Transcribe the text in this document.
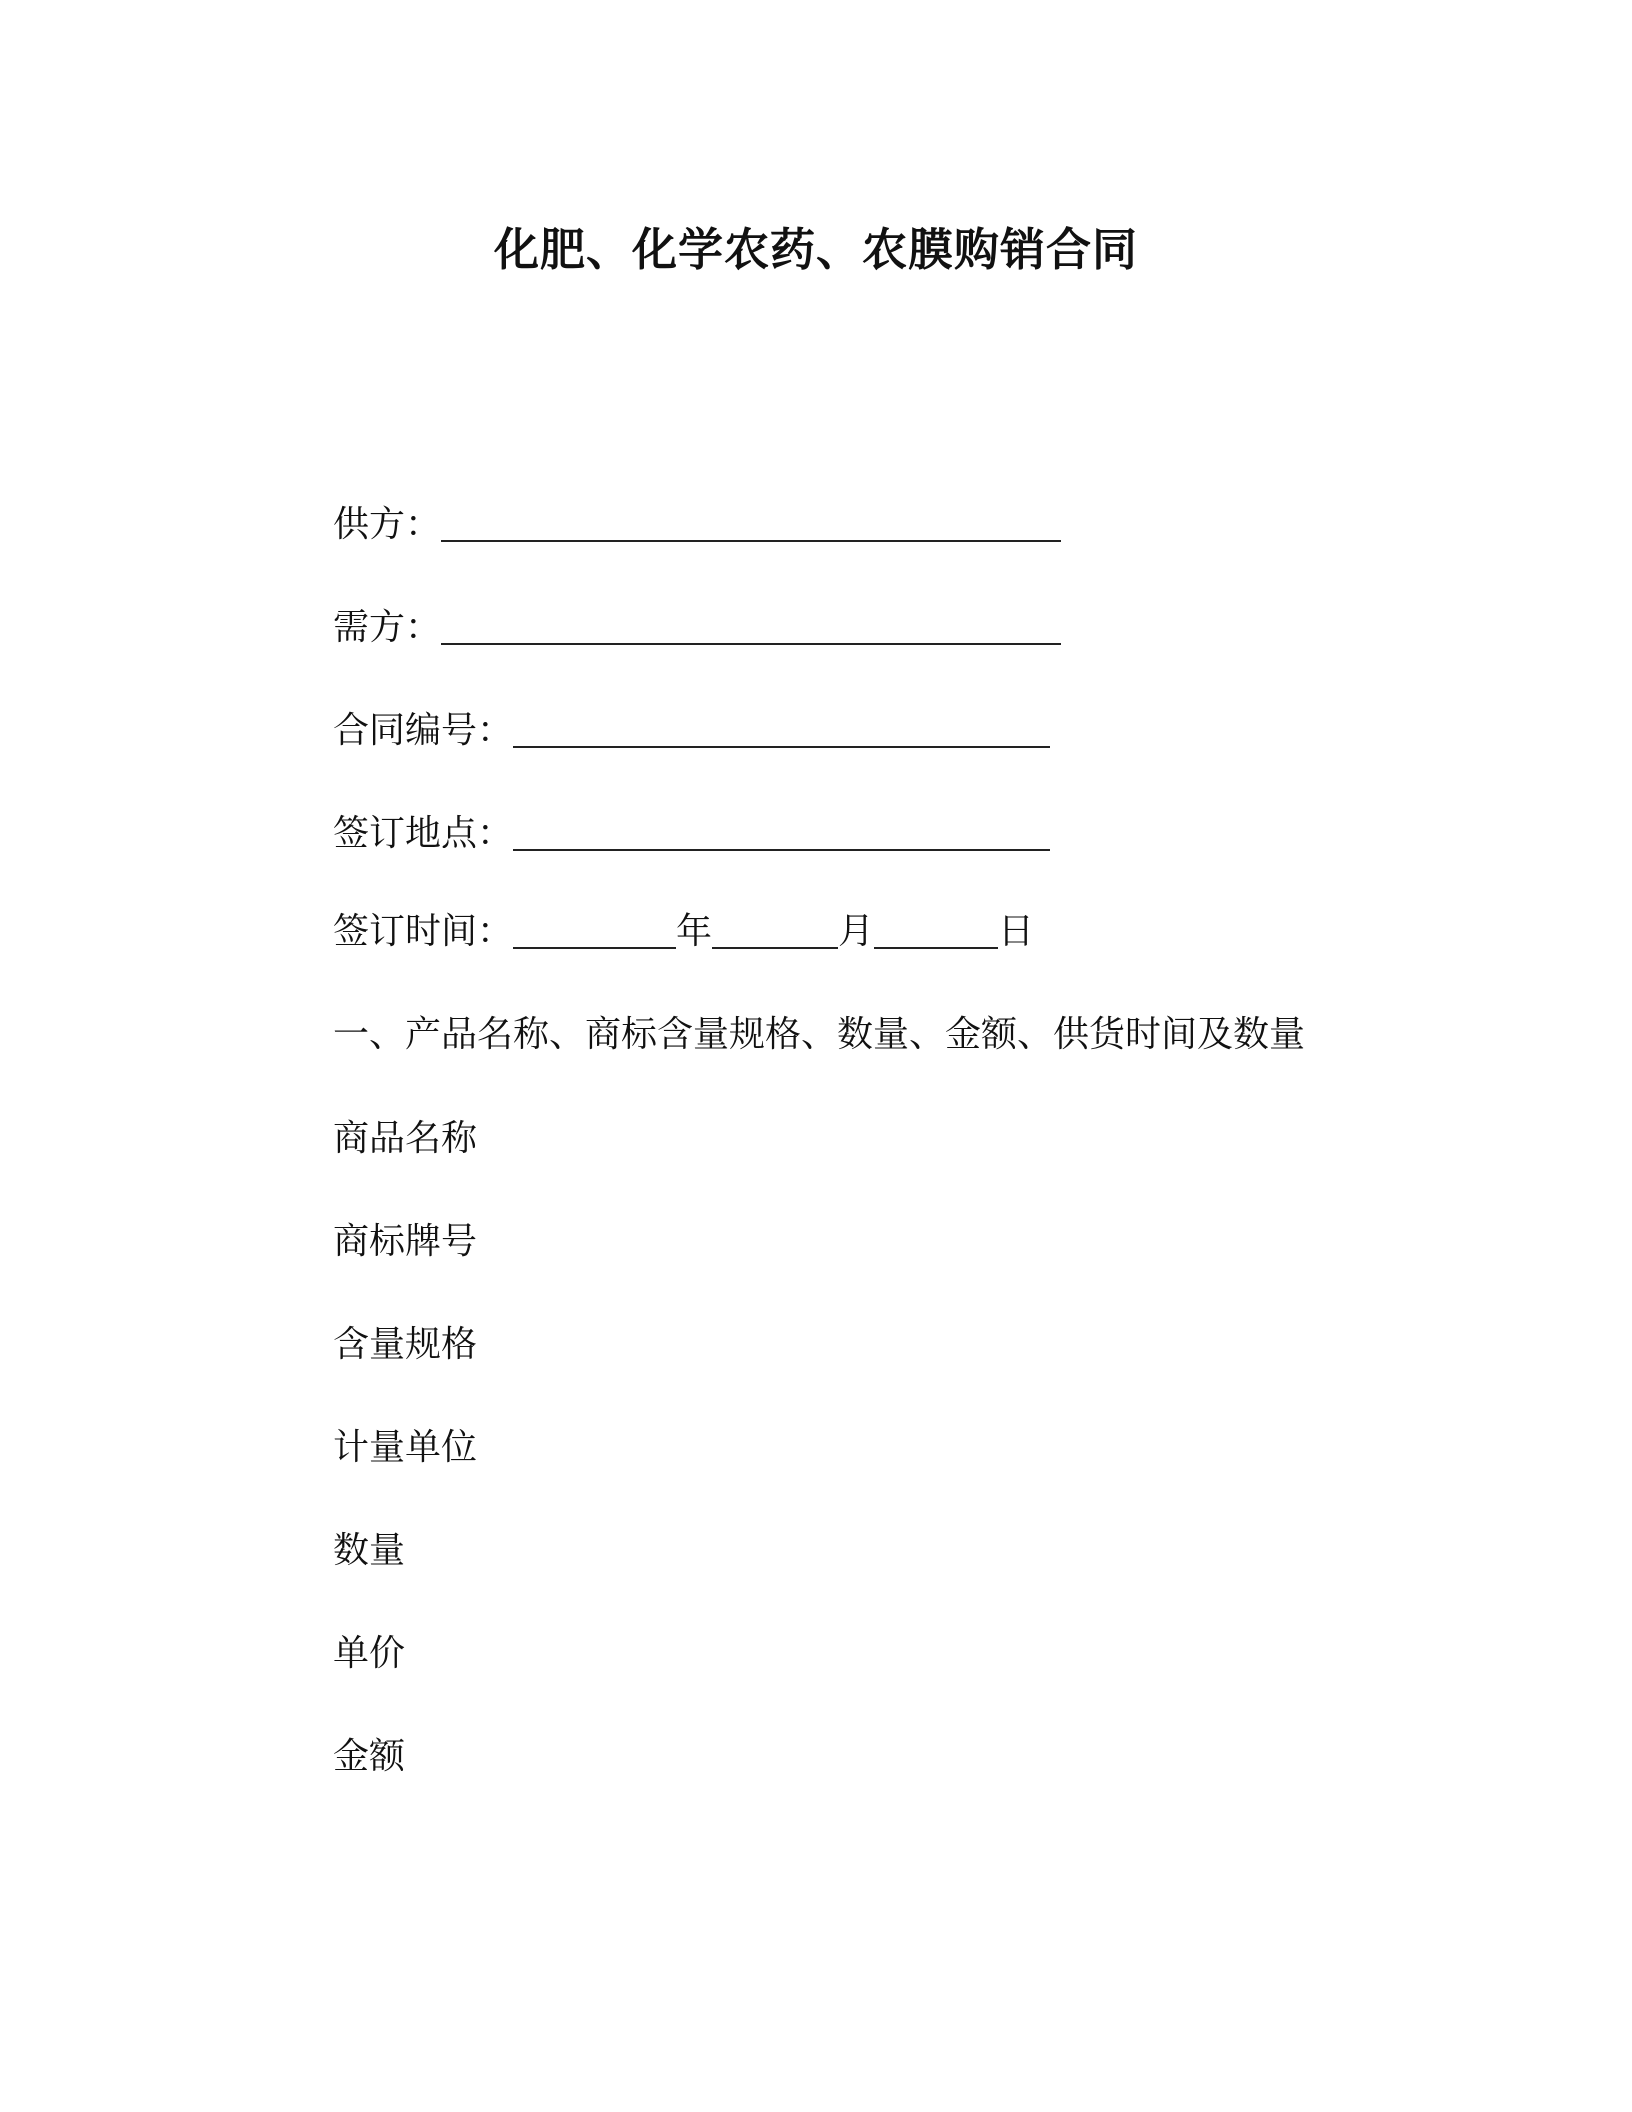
化肥、化学农药、农膜购销合同
供方：
需方：
合同编号：
签订地点：
签订时间：	年	月	日
一、产品名称、商标含量规格、数量、金额、供货时间及数量
商品名称
商标牌号
含量规格
计量单位
数量
单价
金额
